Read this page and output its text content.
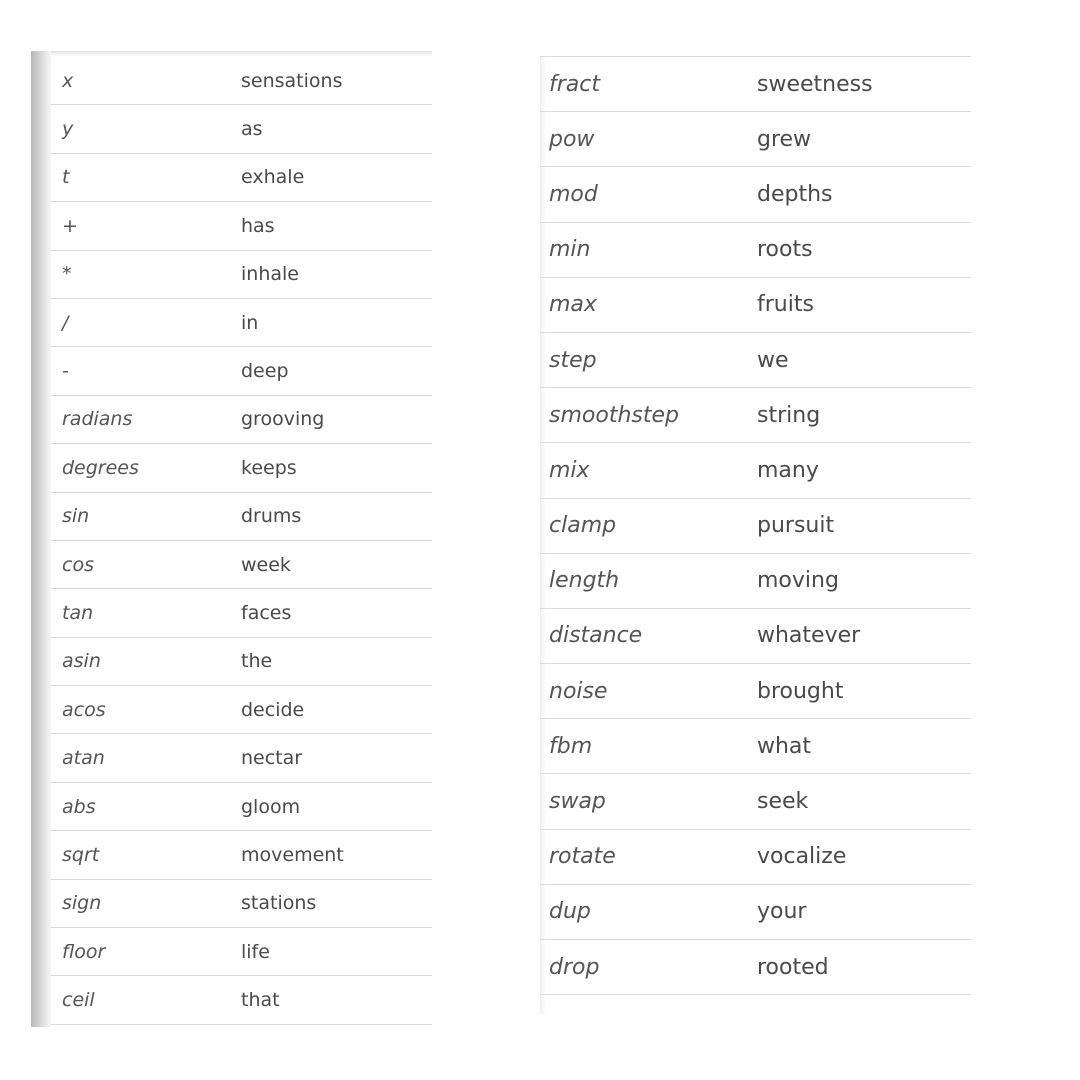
x	sensations
y	as
t	exhale
+	has
*	inhale
/	in
-	deep
radians	grooving
degrees	keeps
sin	drums
cos	week
tan	faces
asin	the
acos	decide
atan	nectar
abs	gloom
sqrt	movement
sign	stations
floor	life
ceil	that
fract	sweetness
pow	grew
mod	depths
min	roots
max	fruits
step	we
smoothstep	string
mix	many
clamp	pursuit
length	moving
distance	whatever
noise	brought
fbm	what
swap	seek
rotate	vocalize
dup	your
drop	rooted
